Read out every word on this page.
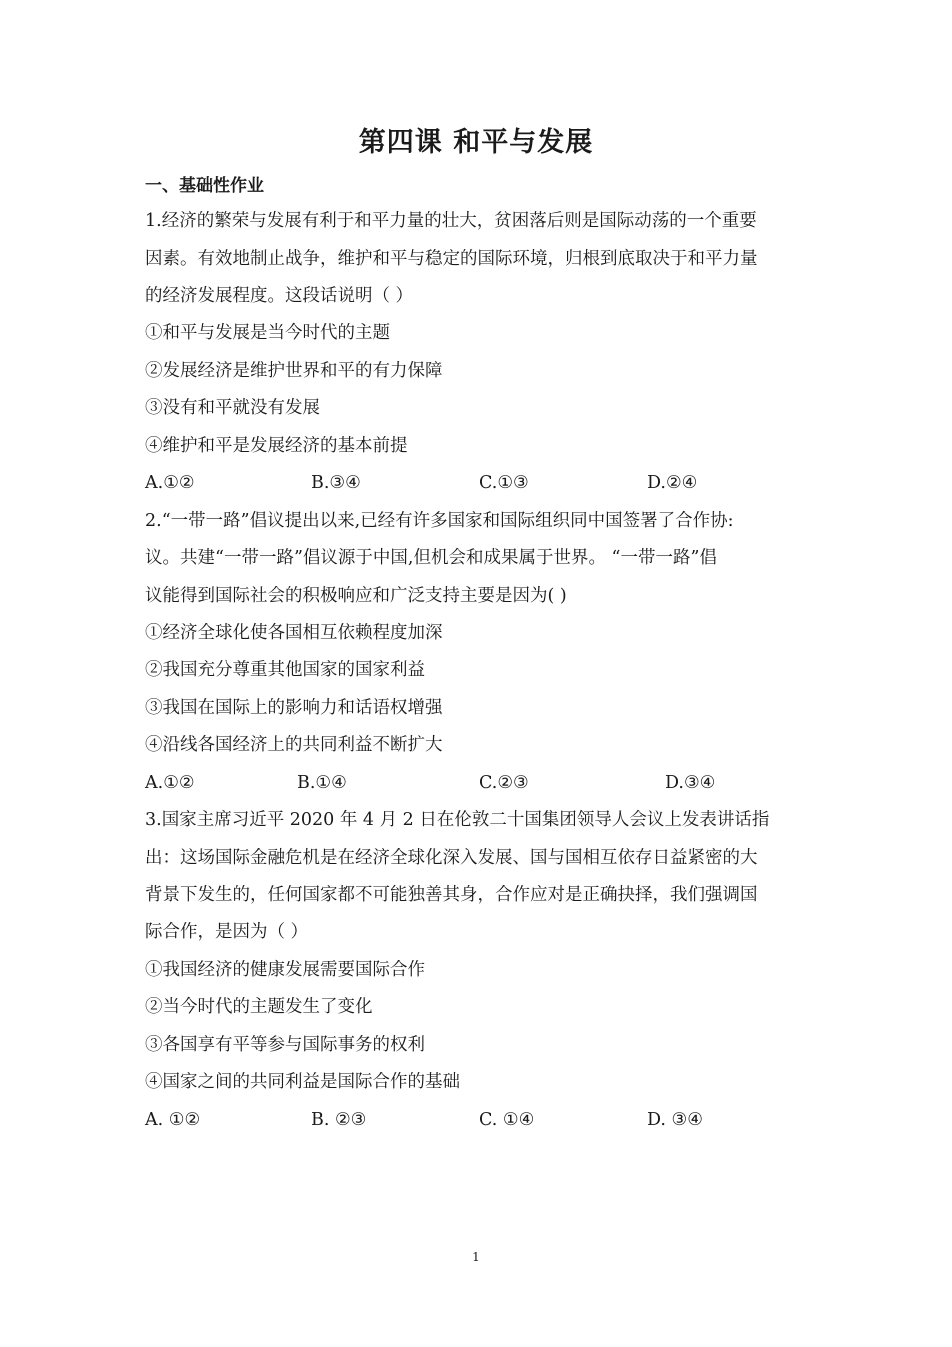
第四课 和平与发展
一、基础性作业
1.经济的繁荣与发展有利于和平力量的壮大，贫困落后则是国际动荡的一个重要
因素。有效地制止战争，维护和平与稳定的国际环境，归根到底取决于和平力量
的经济发展程度。这段话说明（ ）
①和平与发展是当今时代的主题
②发展经济是维护世界和平的有力保障
③没有和平就没有发展
④维护和平是发展经济的基本前提
A.①②	B.③④	C.①③	D.②④
2.“一带一路”倡议提出以来,已经有许多国家和国际组织同中国签署了合作协:
议。共建“一带一路”倡议源于中国,但机会和成果属于世界。 “一带一路”倡
议能得到国际社会的积极响应和广泛支持主要是因为( )
①经济全球化使各国相互依赖程度加深
②我国充分尊重其他国家的国家利益
③我国在国际上的影响力和话语权增强
④沿线各国经济上的共同利益不断扩大
A.①②	B.①④	C.②③	D.③④
3.国家主席习近平 2020 年 4 月 2 日在伦敦二十国集团领导人会议上发表讲话指
出：这场国际金融危机是在经济全球化深入发展、国与国相互依存日益紧密的大
背景下发生的，任何国家都不可能独善其身，合作应对是正确抉择，我们强调国
际合作，是因为（ ）
①我国经济的健康发展需要国际合作
②当今时代的主题发生了变化
③各国享有平等参与国际事务的权利
④国家之间的共同利益是国际合作的基础
A. ①②	B. ②③	C. ①④	D. ③④
1
